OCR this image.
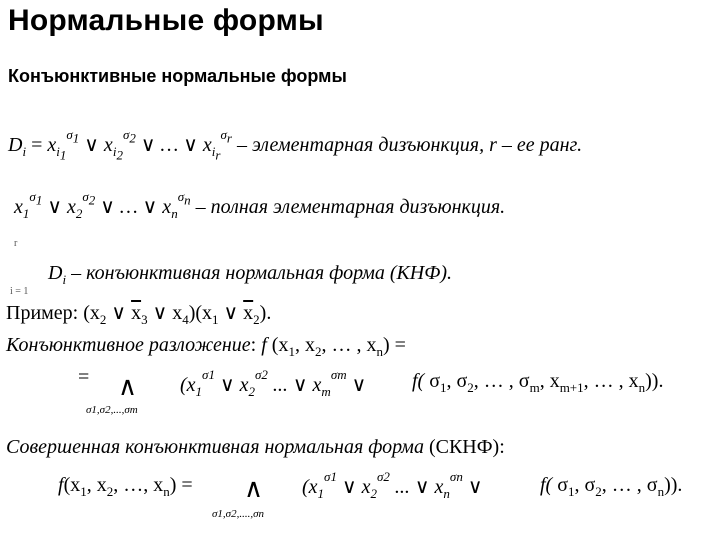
Нормальные формы
Конъюнктивные нормальные формы
$D_i = x_{i_1}^{\sigma_1}$ ∨ $x_{i_2}^{\sigma_2}$ ∨ … ∨ $x_{i_r}^{\sigma_r}$ – элементарная дизъюнкция, r – ее ранг.
$x_1^{\sigma_1}$ ∨ $x_2^{\sigma_2}$ ∨ … ∨ $x_n^{\sigma_n}$ – полная элементарная дизъюнкция.
r
i = 1
$D_i$ – конъюнктивная нормальная форма (КНФ).
Пример: ($x_2$ ∨ $\overline{x}_3$ ∨ $x_4)(x_1$ ∨ $\overline{x}_2$).
Конъюнктивное разложение: f ($x_1$, $x_2$, … , $x_n$) =
= ∧
σ1,σ2,...,σm
($x_1^{\sigma 1}$ ∨ $x_2^{\sigma 2}$ ... ∨ $x_m^{\sigma m}$ ∨ f( $\sigma_1$, $\sigma_2$, … , $\sigma_m$, $x_{m+1}$, … , $x_n$)).
Совершенная конъюнктивная нормальная форма (СКНФ):
$f(x_1$, $x_2$, …, $x_n$) = ∧
σ1,σ2,....,σn
($x_1^{\sigma 1}$ ∨ $x_2^{\sigma 2}$ ... ∨ $x_n^{\sigma n}$ ∨	f( $\sigma_1$, $\sigma_2$, … , $\sigma_n$)).
